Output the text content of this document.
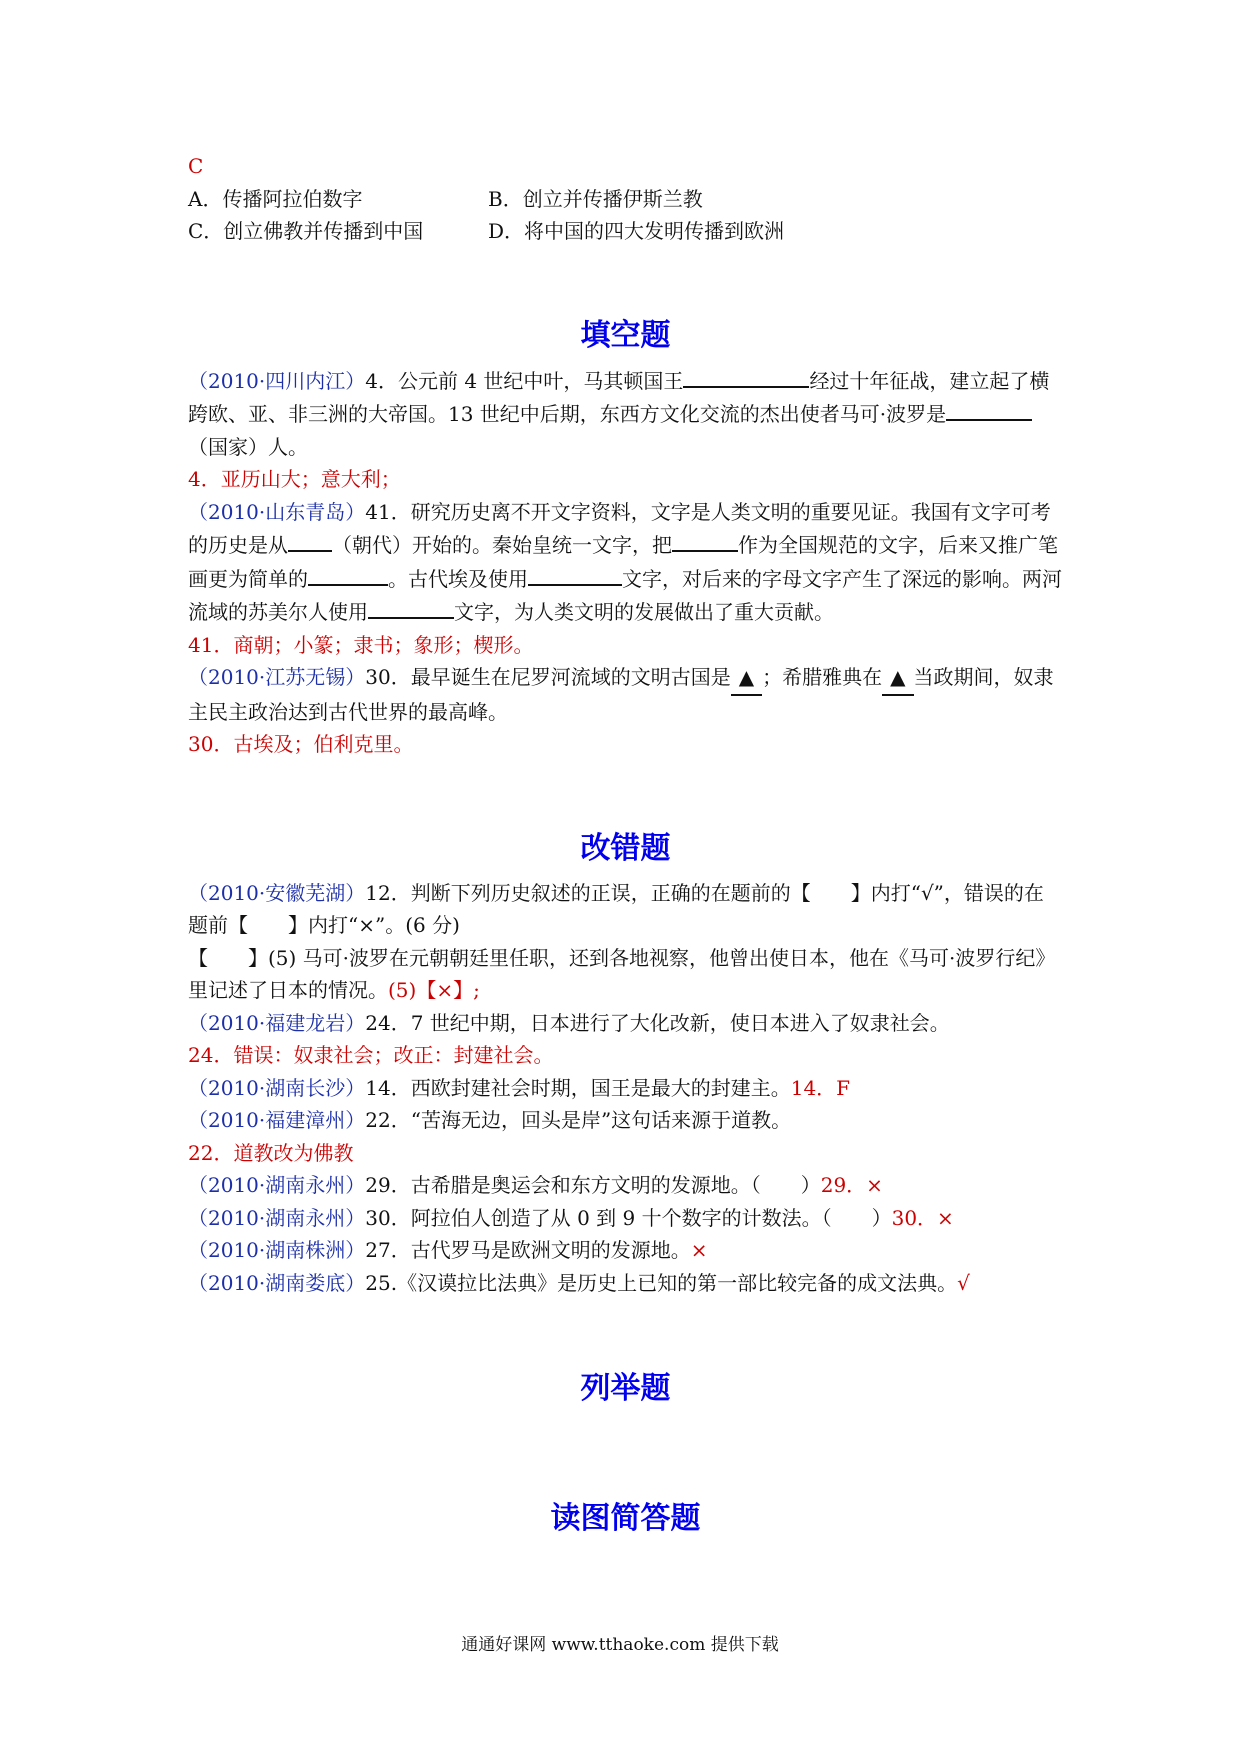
C

A．传播阿拉伯数字	B．创立并传播伊斯兰教
C．创立佛教并传播到中国	D．将中国的四大发明传播到欧洲
填空题

（2010·四川内江）4．公元前 4 世纪中叶，马其顿国王	经过十年征战，建立起了横跨欧、亚、非三洲的大帝国。13 世纪中后期，东西方文化交流的杰出使者马可·波罗是（国家）人。

4．亚历山大；意大利；

（2010·山东青岛）41．研究历史离不开文字资料，文字是人类文明的重要见证。我国有文字可考的历史是从 （朝代）开始的。秦始皇统一文字，把	作为全国规范的文字，后来又推广笔画更为简单的	。古代埃及使用	文字，对后来的字母文字产生了深远的影响。两河流域的苏美尔人使用	文字，为人类文明的发展做出了重大贡献。

41．商朝；小篆；隶书；象形；楔形。

（2010·江苏无锡）30．最早诞生在尼罗河流域的文明古国是 ▲ ；希腊雅典在 ▲ 当政期间，奴隶主民主政治达到古代世界的最高峰。

30．古埃及；伯利克里。

改错题

（2010·安徽芜湖）12．判断下列历史叙述的正误，正确的在题前的【　　】内打“√”，错误的在题前【　　】内打“×”。(6 分)

【　　】(5) 马可·波罗在元朝朝廷里任职，还到各地视察，他曾出使日本，他在《马可·波罗行纪》里记述了日本的情况。(5)【×】;

（2010·福建龙岩）24．7 世纪中期，日本进行了大化改新，使日本进入了奴隶社会。

24．错误：奴隶社会；改正：封建社会。

（2010·湖南长沙）14．西欧封建社会时期，国王是最大的封建主。14．F

（2010·福建漳州）22．“苦海无边，回头是岸”这句话来源于道教。

22．道教改为佛教

（2010·湖南永州）29．古希腊是奥运会和东方文明的发源地。（　　）29．×

（2010·湖南永州）30．阿拉伯人创造了从 0 到 9 十个数字的计数法。（　　）30．×

（2010·湖南株洲）27．古代罗马是欧洲文明的发源地。×

（2010·湖南娄底）25.《汉谟拉比法典》是历史上已知的第一部比较完备的成文法典。√

列举题
读图简答题
通通好课网 www.tthaoke.com 提供下载
